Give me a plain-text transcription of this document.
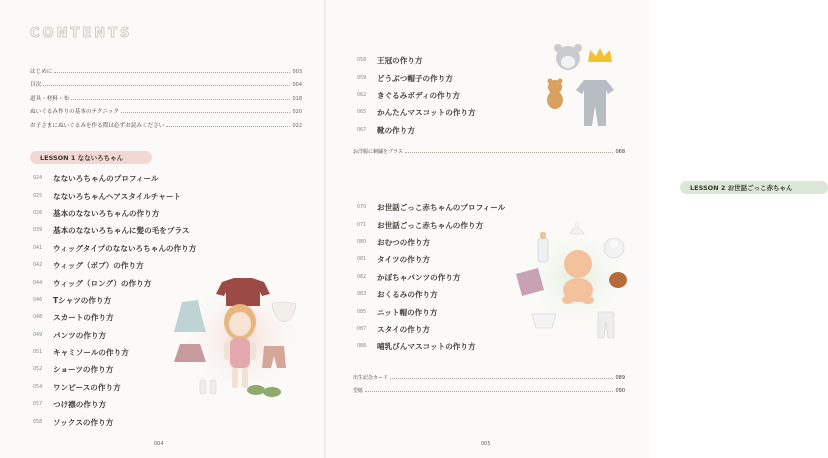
CONTENTS
はじめに	003
目次	004
道具・材料・布	018
ぬいぐるみ作りの基本のテクニック	020
お子さまにぬいぐるみを作る際は必ずお読みください	022
LESSON 1 なないろちゃん
024	なないろちゃんのプロフィール
025	なないろちゃんヘアスタイルチャート
026	基本のなないろちゃんの作り方
039	基本のなないろちゃんに髪の毛をプラス
041	ウィッグタイプのなないろちゃんの作り方
042	ウィッグ（ボブ）の作り方
044	ウィッグ（ロング）の作り方
046	Tシャツの作り方
048	スカートの作り方
049	パンツの作り方
051	キャミソールの作り方
052	ショーツの作り方
054	ワンピースの作り方
057	つけ襟の作り方
058	ソックスの作り方
004
058	王冠の作り方
059	どうぶつ帽子の作り方
062	きぐるみボディの作り方
065	かんたんマスコットの作り方
067	靴の作り方
お洋服に刺繍をプラス	068
LESSON 2 お世話ごっこ赤ちゃん
070	お世話ごっこ赤ちゃんのプロフィール
071	お世話ごっこ赤ちゃんの作り方
080	おむつの作り方
081	タイツの作り方
082	かぼちゃパンツの作り方
083	おくるみの作り方
085	ニット帽の作り方
087	スタイの作り方
088	哺乳びんマスコットの作り方
出生記念カード	089
型紙	090
005
